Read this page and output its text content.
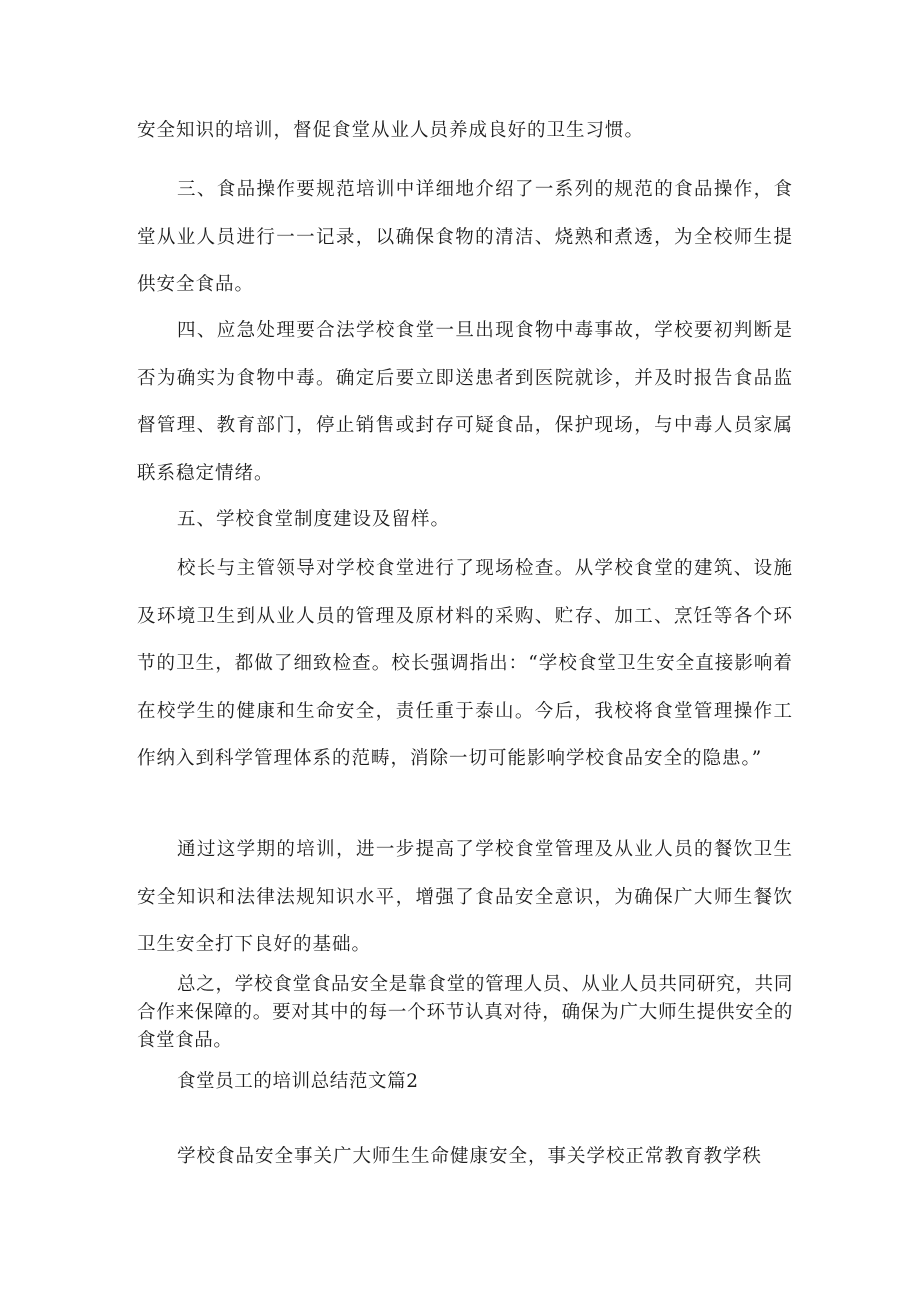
安全知识的培训，督促食堂从业人员养成良好的卫生习惯。

三、食品操作要规范培训中详细地介绍了一系列的规范的食品操作，食堂从业人员进行一一记录，以确保食物的清洁、烧熟和煮透，为全校师生提供安全食品。

四、应急处理要合法学校食堂一旦出现食物中毒事故，学校要初判断是否为确实为食物中毒。确定后要立即送患者到医院就诊，并及时报告食品监督管理、教育部门，停止销售或封存可疑食品，保护现场，与中毒人员家属联系稳定情绪。

五、学校食堂制度建设及留样。

校长与主管领导对学校食堂进行了现场检查。从学校食堂的建筑、设施及环境卫生到从业人员的管理及原材料的采购、贮存、加工、烹饪等各个环节的卫生，都做了细致检查。校长强调指出：“学校食堂卫生安全直接影响着在校学生的健康和生命安全，责任重于泰山。今后，我校将食堂管理操作工作纳入到科学管理体系的范畴，消除一切可能影响学校食品安全的隐患。”

通过这学期的培训，进一步提高了学校食堂管理及从业人员的餐饮卫生安全知识和法律法规知识水平，增强了食品安全意识，为确保广大师生餐饮卫生安全打下良好的基础。

总之，学校食堂食品安全是靠食堂的管理人员、从业人员共同研究，共同合作来保障的。要对其中的每一个环节认真对待，确保为广大师生提供安全的食堂食品。

食堂员工的培训总结范文篇2

学校食品安全事关广大师生生命健康安全，事关学校正常教育教学秩
